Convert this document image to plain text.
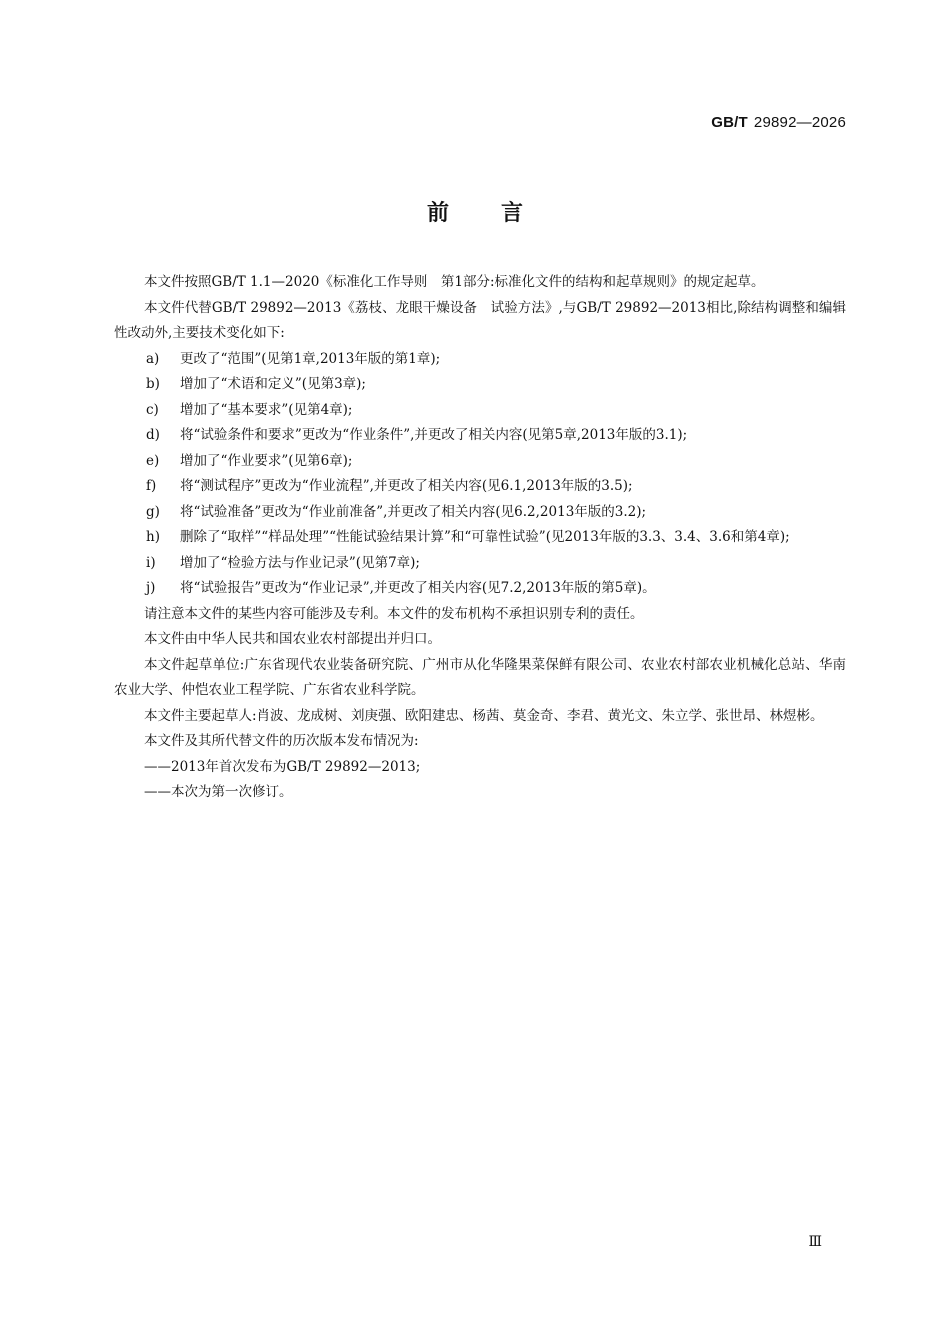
GB/T 29892—2026
前言

本文件按照GB/T 1.1—2020《标准化工作导则　第1部分:标准化文件的结构和起草规则》的规定起草。

本文件代替GB/T 29892—2013《荔枝、龙眼干燥设备　试验方法》,与GB/T 29892—2013相比,除结构调整和编辑性改动外,主要技术变化如下:

a)	更改了“范围”(见第1章,2013年版的第1章);
b)	增加了“术语和定义”(见第3章);
c)	增加了“基本要求”(见第4章);
d)	将“试验条件和要求”更改为“作业条件”,并更改了相关内容(见第5章,2013年版的3.1);
e)	增加了“作业要求”(见第6章);
f)	将“测试程序”更改为“作业流程”,并更改了相关内容(见6.1,2013年版的3.5);
g)	将“试验准备”更改为“作业前准备”,并更改了相关内容(见6.2,2013年版的3.2);
h)	删除了“取样”“样品处理”“性能试验结果计算”和“可靠性试验”(见2013年版的3.3、3.4、3.6和第4章);
i)	增加了“检验方法与作业记录”(见第7章);
j)	将“试验报告”更改为“作业记录”,并更改了相关内容(见7.2,2013年版的第5章)。

请注意本文件的某些内容可能涉及专利。本文件的发布机构不承担识别专利的责任。

本文件由中华人民共和国农业农村部提出并归口。

本文件起草单位:广东省现代农业装备研究院、广州市从化华隆果菜保鲜有限公司、农业农村部农业机械化总站、华南农业大学、仲恺农业工程学院、广东省农业科学院。

本文件主要起草人:肖波、龙成树、刘庚强、欧阳建忠、杨茜、莫金奇、李君、黄光文、朱立学、张世昂、林煜彬。

本文件及其所代替文件的历次版本发布情况为:

——2013年首次发布为GB/T 29892—2013;

——本次为第一次修订。

Ⅲ
